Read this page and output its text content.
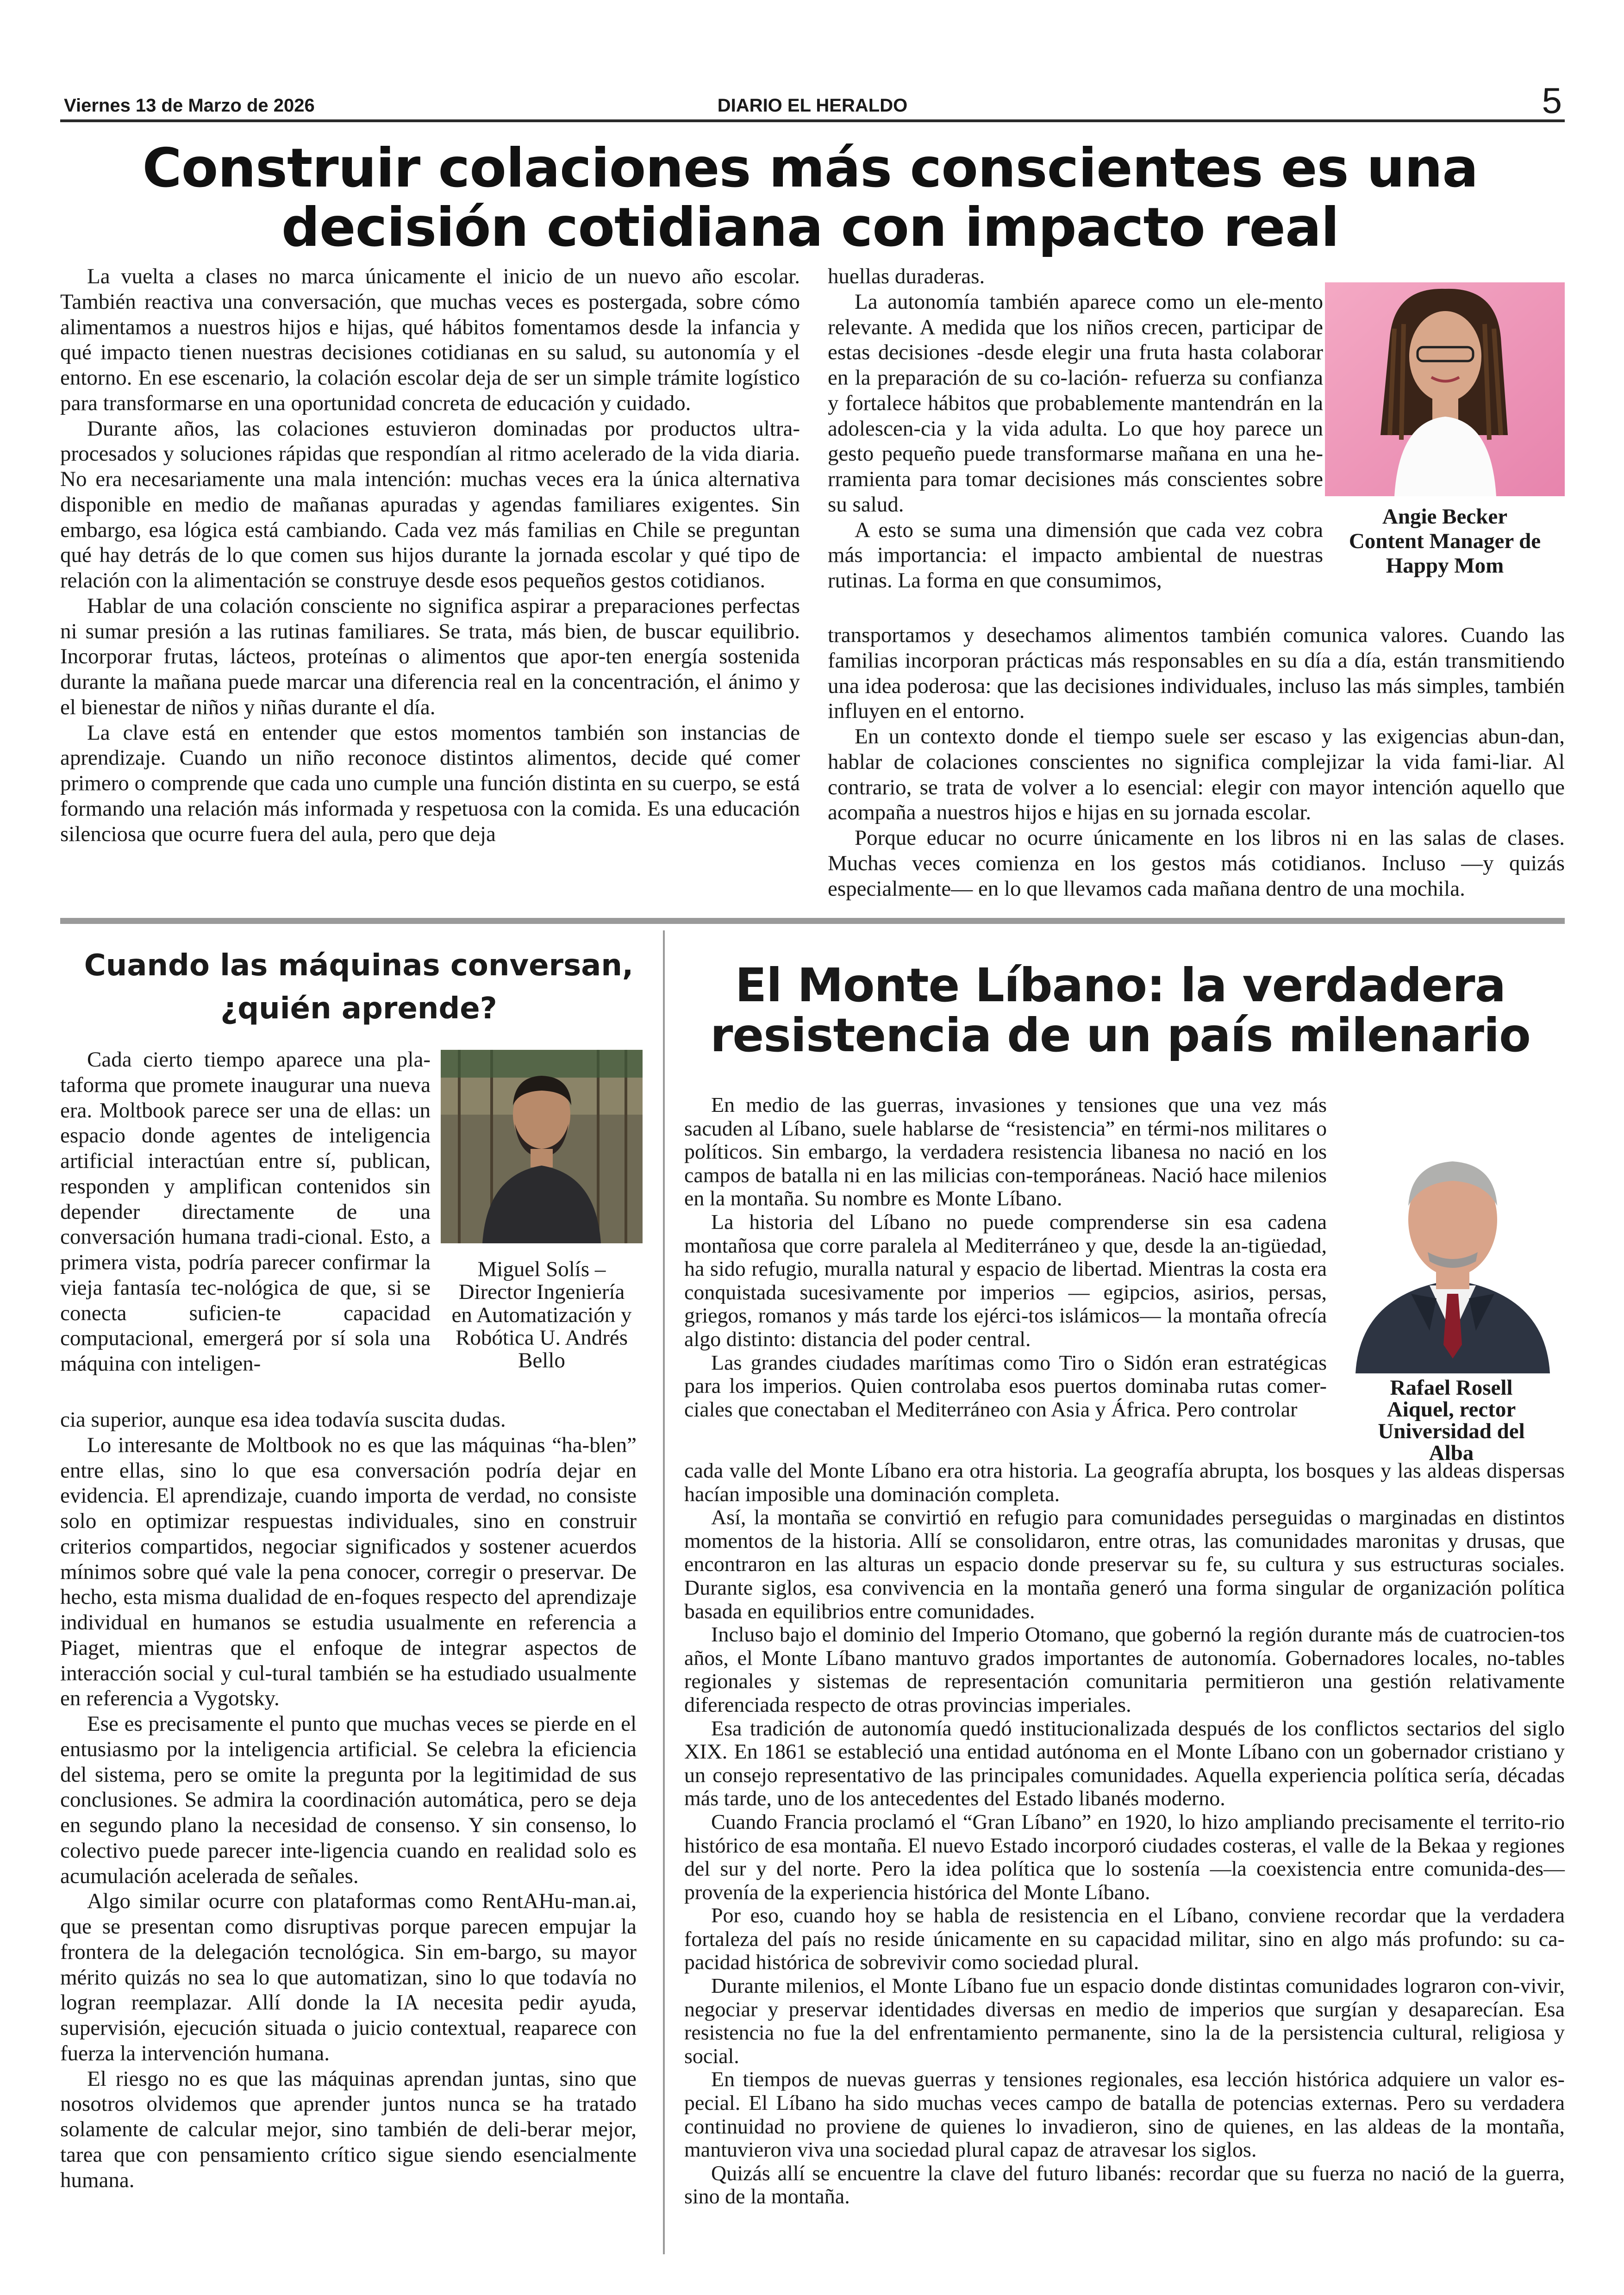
Viernes 13 de Marzo de 2026	DIARIO EL HERALDO	5
Construir colaciones más conscientes es una
decisión cotidiana con impacto real

La vuelta a clases no marca únicamente el inicio de un nuevo año escolar. También reactiva una conversación, que muchas veces es postergada, sobre cómo alimentamos a nuestros hijos e hijas, qué hábitos fomentamos desde la infancia y qué impacto tienen nuestras decisiones cotidianas en su salud, su autonomía y el entorno. En ese escenario, la colación escolar deja de ser un simple trámite logístico para transformarse en una oportunidad concreta de educación y cuidado.

Durante años, las colaciones estuvieron dominadas por productos ultra-procesados y soluciones rápidas que respondían al ritmo acelerado de la vida diaria. No era necesariamente una mala intención: muchas veces era la única alternativa disponible en medio de mañanas apuradas y agendas familiares exigentes. Sin embargo, esa lógica está cambiando. Cada vez más familias en Chile se preguntan qué hay detrás de lo que comen sus hijos durante la jornada escolar y qué tipo de relación con la alimentación se construye desde esos pequeños gestos cotidianos.

Hablar de una colación consciente no significa aspirar a preparaciones perfectas ni sumar presión a las rutinas familiares. Se trata, más bien, de buscar equilibrio. Incorporar frutas, lácteos, proteínas o alimentos que apor-ten energía sostenida durante la mañana puede marcar una diferencia real en la concentración, el ánimo y el bienestar de niños y niñas durante el día.

La clave está en entender que estos momentos también son instancias de aprendizaje. Cuando un niño reconoce distintos alimentos, decide qué comer primero o comprende que cada uno cumple una función distinta en su cuerpo, se está formando una relación más informada y respetuosa con la comida. Es una educación silenciosa que ocurre fuera del aula, pero que deja

huellas duraderas.

La autonomía también aparece como un ele-mento relevante. A medida que los niños crecen, participar de estas decisiones -desde elegir una fruta hasta colaborar en la preparación de su co-lación- refuerza su confianza y fortalece hábitos que probablemente mantendrán en la adolescen-cia y la vida adulta. Lo que hoy parece un gesto pequeño puede transformarse mañana en una he-rramienta para tomar decisiones más conscientes sobre su salud.

A esto se suma una dimensión que cada vez cobra más importancia: el impacto ambiental de nuestras rutinas. La forma en que consumimos,

transportamos y desechamos alimentos también comunica valores. Cuando las familias incorporan prácticas más responsables en su día a día, están transmitiendo una idea poderosa: que las decisiones individuales, incluso las más simples, también influyen en el entorno.

En un contexto donde el tiempo suele ser escaso y las exigencias abun-dan, hablar de colaciones conscientes no significa complejizar la vida fami-liar. Al contrario, se trata de volver a lo esencial: elegir con mayor intención aquello que acompaña a nuestros hijos e hijas en su jornada escolar.

Porque educar no ocurre únicamente en los libros ni en las salas de clases. Muchas veces comienza en los gestos más cotidianos. Incluso —y quizás especialmente— en lo que llevamos cada mañana dentro de una mochila.

Angie Becker
Content Manager de
Happy Mom
Cuando las máquinas conversan,
¿quién aprende?

Cada cierto tiempo aparece una pla-taforma que promete inaugurar una nueva era. Moltbook parece ser una de ellas: un espacio donde agentes de inteligencia artificial interactúan entre sí, publican, responden y amplifican contenidos sin depender directamente de una conversación humana tradi-cional. Esto, a primera vista, podría parecer confirmar la vieja fantasía tec-nológica de que, si se conecta suficien-te capacidad computacional, emergerá por sí sola una máquina con inteligen-

cia superior, aunque esa idea todavía suscita dudas.

Lo interesante de Moltbook no es que las máquinas “ha-blen” entre ellas, sino lo que esa conversación podría dejar en evidencia. El aprendizaje, cuando importa de verdad, no consiste solo en optimizar respuestas individuales, sino en construir criterios compartidos, negociar significados y sostener acuerdos mínimos sobre qué vale la pena conocer, corregir o preservar. De hecho, esta misma dualidad de en-foques respecto del aprendizaje individual en humanos se estudia usualmente en referencia a Piaget, mientras que el enfoque de integrar aspectos de interacción social y cul-tural también se ha estudiado usualmente en referencia a Vygotsky.

Ese es precisamente el punto que muchas veces se pierde en el entusiasmo por la inteligencia artificial. Se celebra la eficiencia del sistema, pero se omite la pregunta por la legitimidad de sus conclusiones. Se admira la coordinación automática, pero se deja en segundo plano la necesidad de consenso. Y sin consenso, lo colectivo puede parecer inte-ligencia cuando en realidad solo es acumulación acelerada de señales.

Algo similar ocurre con plataformas como RentAHu-man.ai, que se presentan como disruptivas porque parecen empujar la frontera de la delegación tecnológica. Sin em-bargo, su mayor mérito quizás no sea lo que automatizan, sino lo que todavía no logran reemplazar. Allí donde la IA necesita pedir ayuda, supervisión, ejecución situada o juicio contextual, reaparece con fuerza la intervención humana.

El riesgo no es que las máquinas aprendan juntas, sino que nosotros olvidemos que aprender juntos nunca se ha tratado solamente de calcular mejor, sino también de deli-berar mejor, tarea que con pensamiento crítico sigue siendo esencialmente humana.

Miguel Solís –
Director Ingeniería
en Automatización y
Robótica U. Andrés
Bello
El Monte Líbano: la verdadera
resistencia de un país milenario

En medio de las guerras, invasiones y tensiones que una vez más sacuden al Líbano, suele hablarse de “resistencia” en térmi-nos militares o políticos. Sin embargo, la verdadera resistencia libanesa no nació en los campos de batalla ni en las milicias con-temporáneas. Nació hace milenios en la montaña. Su nombre es Monte Líbano.

La historia del Líbano no puede comprenderse sin esa cadena montañosa que corre paralela al Mediterráneo y que, desde la an-tigüedad, ha sido refugio, muralla natural y espacio de libertad. Mientras la costa era conquistada sucesivamente por imperios — egipcios, asirios, persas, griegos, romanos y más tarde los ejérci-tos islámicos— la montaña ofrecía algo distinto: distancia del poder central.

Las grandes ciudades marítimas como Tiro o Sidón eran estratégicas para los imperios. Quien controlaba esos puertos dominaba rutas comer-ciales que conectaban el Mediterráneo con Asia y África. Pero controlar

cada valle del Monte Líbano era otra historia. La geografía abrupta, los bosques y las aldeas dispersas hacían imposible una dominación completa.

Así, la montaña se convirtió en refugio para comunidades perseguidas o marginadas en distintos momentos de la historia. Allí se consolidaron, entre otras, las comunidades maronitas y drusas, que encontraron en las alturas un espacio donde preservar su fe, su cultura y sus estructuras sociales. Durante siglos, esa convivencia en la montaña generó una forma singular de organización política basada en equilibrios entre comunidades.

Incluso bajo el dominio del Imperio Otomano, que gobernó la región durante más de cuatrocien-tos años, el Monte Líbano mantuvo grados importantes de autonomía. Gobernadores locales, no-tables regionales y sistemas de representación comunitaria permitieron una gestión relativamente diferenciada respecto de otras provincias imperiales.

Esa tradición de autonomía quedó institucionalizada después de los conflictos sectarios del siglo XIX. En 1861 se estableció una entidad autónoma en el Monte Líbano con un gobernador cristiano y un consejo representativo de las principales comunidades. Aquella experiencia política sería, décadas más tarde, uno de los antecedentes del Estado libanés moderno.

Cuando Francia proclamó el “Gran Líbano” en 1920, lo hizo ampliando precisamente el territo-rio histórico de esa montaña. El nuevo Estado incorporó ciudades costeras, el valle de la Bekaa y regiones del sur y del norte. Pero la idea política que lo sostenía —la coexistencia entre comunida-des— provenía de la experiencia histórica del Monte Líbano.

Por eso, cuando hoy se habla de resistencia en el Líbano, conviene recordar que la verdadera fortaleza del país no reside únicamente en su capacidad militar, sino en algo más profundo: su ca-pacidad histórica de sobrevivir como sociedad plural.

Durante milenios, el Monte Líbano fue un espacio donde distintas comunidades lograron con-vivir, negociar y preservar identidades diversas en medio de imperios que surgían y desaparecían. Esa resistencia no fue la del enfrentamiento permanente, sino la de la persistencia cultural, religiosa y social.

En tiempos de nuevas guerras y tensiones regionales, esa lección histórica adquiere un valor es-pecial. El Líbano ha sido muchas veces campo de batalla de potencias externas. Pero su verdadera continuidad no proviene de quienes lo invadieron, sino de quienes, en las aldeas de la montaña, mantuvieron viva una sociedad plural capaz de atravesar los siglos.

Quizás allí se encuentre la clave del futuro libanés: recordar que su fuerza no nació de la guerra, sino de la montaña.

Rafael Rosell
Aiquel, rector
Universidad del
Alba
